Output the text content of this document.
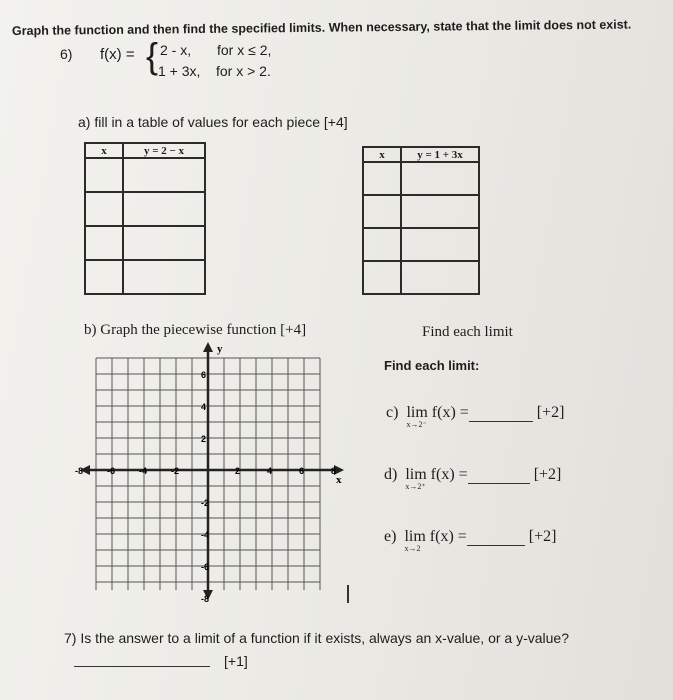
Graph the function and then find the specified limits. When necessary, state that the limit does not exist.
6) f(x) = { 2 - x, for x ≤ 2,
1 + 3x, for x > 2.
a) fill in a table of values for each piece [+4]
x	y = 2 − x

		x	y = 1 + 3x

b) Graph the piecewise function [+4]
-8	-6	-4	-2	2	4	6	8
6
4
2
-2
-4
-6
-8
y
x
Find each limit
Find each limit:
c) lim
x→2⁻
f(x) =	[+2]
d) lim
x→2⁺
f(x) =	[+2]
e) lim
x→2
f(x) =	[+2]
7) Is the answer to a limit of a function if it exists, always an x-value, or a y-value?
[+1]
